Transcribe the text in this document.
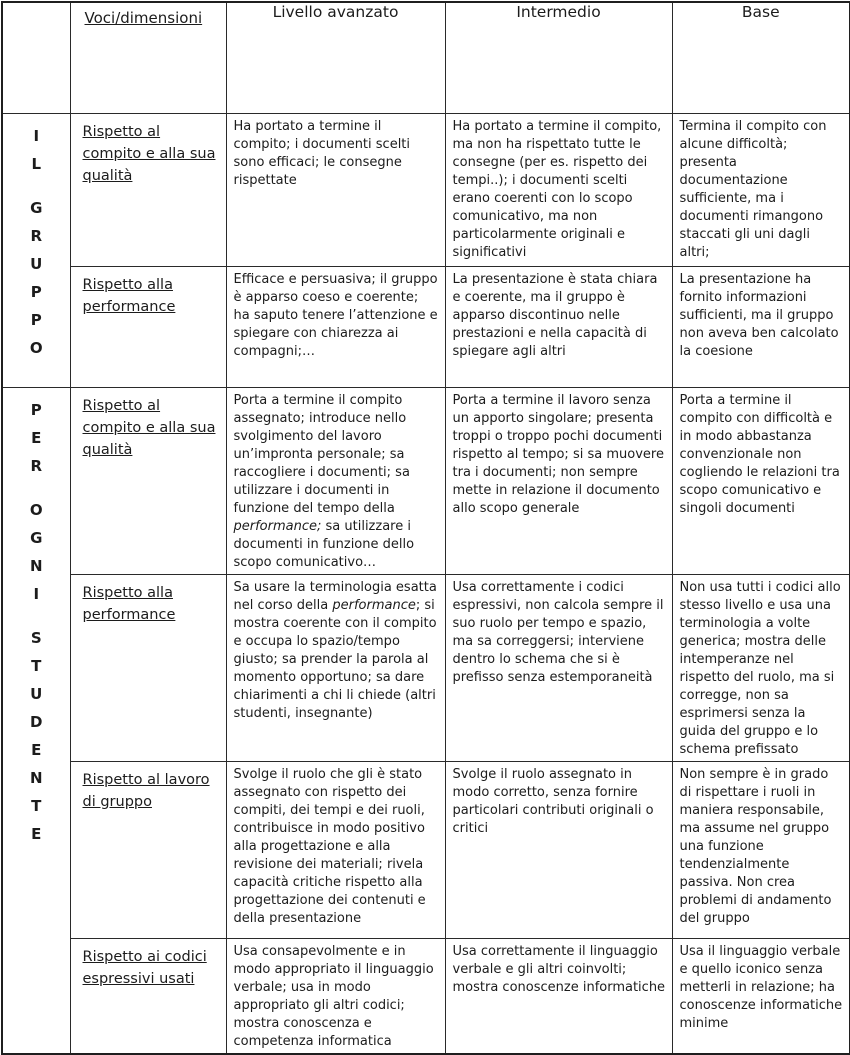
	Voci/dimensioni	Livello avanzato	Intermedio	Base

I
L
G
R
U
P
P
O
	Rispetto al compito e alla sua qualità	Ha portato a termine il compito; i documenti scelti sono efficaci; le consegne rispettate	Ha portato a termine il compito, ma non ha rispettato tutte le consegne (per es. rispetto dei tempi..); i documenti scelti erano coerenti con lo scopo comunicativo, ma non particolarmente originali e significativi	Termina il compito con alcune difficoltà; presenta documentazione sufficiente, ma i documenti rimangono staccati gli uni dagli altri;
	Rispetto alla performance	Efficace e persuasiva; il gruppo è apparso coeso e coerente; ha saputo tenere l’attenzione e spiegare con chiarezza ai compagni;…	La presentazione è stata chiara e coerente, ma il gruppo è apparso discontinuo nelle prestazioni e nella capacità di spiegare agli altri	La presentazione ha fornito informazioni sufficienti, ma il gruppo non aveva ben calcolato la coesione

P
E
R
O
G
N
I
S
T
U
D
E
N
T
E
	Rispetto al compito e alla sua qualità	Porta a termine il compito assegnato; introduce nello svolgimento del lavoro un’impronta personale; sa raccogliere i documenti; sa utilizzare i documenti in funzione del tempo della performance; sa utilizzare i documenti in funzione dello scopo comunicativo…	Porta a termine il lavoro senza un apporto singolare; presenta troppi o troppo pochi documenti rispetto al tempo; si sa muovere tra i documenti; non sempre mette in relazione il documento allo scopo generale	Porta a termine il compito con difficoltà e in modo abbastanza convenzionale non cogliendo le relazioni tra scopo comunicativo e singoli documenti
Rispetto alla performance	Sa usare la terminologia esatta nel corso della performance; si mostra coerente con il compito e occupa lo spazio/tempo giusto; sa prender la parola al momento opportuno; sa dare chiarimenti a chi li chiede (altri studenti, insegnante)	Usa correttamente i codici espressivi, non calcola sempre il suo ruolo per tempo e spazio, ma sa correggersi; interviene dentro lo schema che si è prefisso senza estemporaneità	Non usa tutti i codici allo stesso livello e usa una terminologia a volte generica; mostra delle intemperanze nel rispetto del ruolo, ma si corregge, non sa esprimersi senza la guida del gruppo e lo schema prefissato
	Rispetto al lavoro di gruppo	Svolge il ruolo che gli è stato assegnato con rispetto dei compiti, dei tempi e dei ruoli, contribuisce in modo positivo alla progettazione e alla revisione dei materiali; rivela capacità critiche rispetto alla progettazione dei contenuti e della presentazione	Svolge il ruolo assegnato in modo corretto, senza fornire particolari contributi originali o critici	Non sempre è in grado di rispettare i ruoli in maniera responsabile, ma assume nel gruppo una funzione tendenzialmente passiva. Non crea problemi di andamento del gruppo
	Rispetto ai codici espressivi usati	Usa consapevolmente e in modo appropriato il linguaggio verbale; usa in modo appropriato gli altri codici; mostra conoscenza e competenza informatica	Usa correttamente il linguaggio verbale e gli altri coinvolti; mostra conoscenze informatiche	Usa il linguaggio verbale e quello iconico senza metterli in relazione; ha conoscenze informatiche minime
